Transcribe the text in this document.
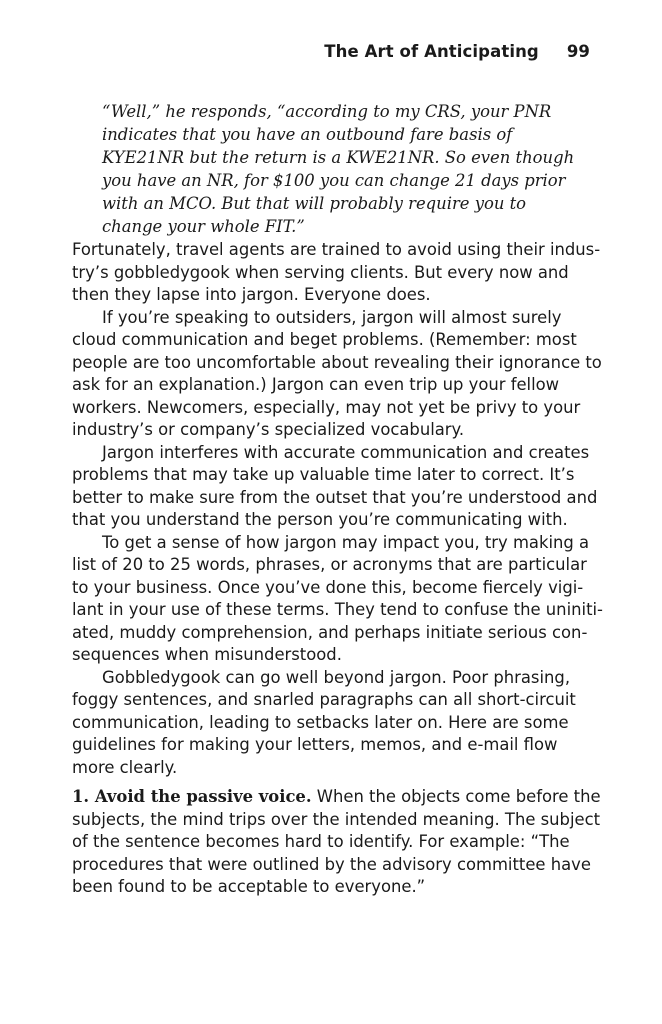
The Art of Anticipating 99
“Well,” he responds, “according to my CRS, your PNR
indicates that you have an outbound fare basis of
KYE21NR but the return is a KWE21NR. So even though
you have an NR, for $100 you can change 21 days prior
with an MCO. But that will probably require you to
change your whole FIT.”

Fortunately, travel agents are trained to avoid using their indus-
try’s gobbledygook when serving clients. But every now and
then they lapse into jargon. Everyone does.

If you’re speaking to outsiders, jargon will almost surely
cloud communication and beget problems. (Remember: most
people are too uncomfortable about revealing their ignorance to
ask for an explanation.) Jargon can even trip up your fellow
workers. Newcomers, especially, may not yet be privy to your
industry’s or company’s specialized vocabulary.

Jargon interferes with accurate communication and creates
problems that may take up valuable time later to correct. It’s
better to make sure from the outset that you’re understood and
that you understand the person you’re communicating with.

To get a sense of how jargon may impact you, try making a
list of 20 to 25 words, phrases, or acronyms that are particular
to your business. Once you’ve done this, become fiercely vigi-
lant in your use of these terms. They tend to confuse the uniniti-
ated, muddy comprehension, and perhaps initiate serious con-
sequences when misunderstood.

Gobbledygook can go well beyond jargon. Poor phrasing,
foggy sentences, and snarled paragraphs can all short-circuit
communication, leading to setbacks later on. Here are some
guidelines for making your letters, memos, and e-mail flow
more clearly.

1. Avoid the passive voice. When the objects come before the
subjects, the mind trips over the intended meaning. The subject
of the sentence becomes hard to identify. For example: “The
procedures that were outlined by the advisory committee have
been found to be acceptable to everyone.”
